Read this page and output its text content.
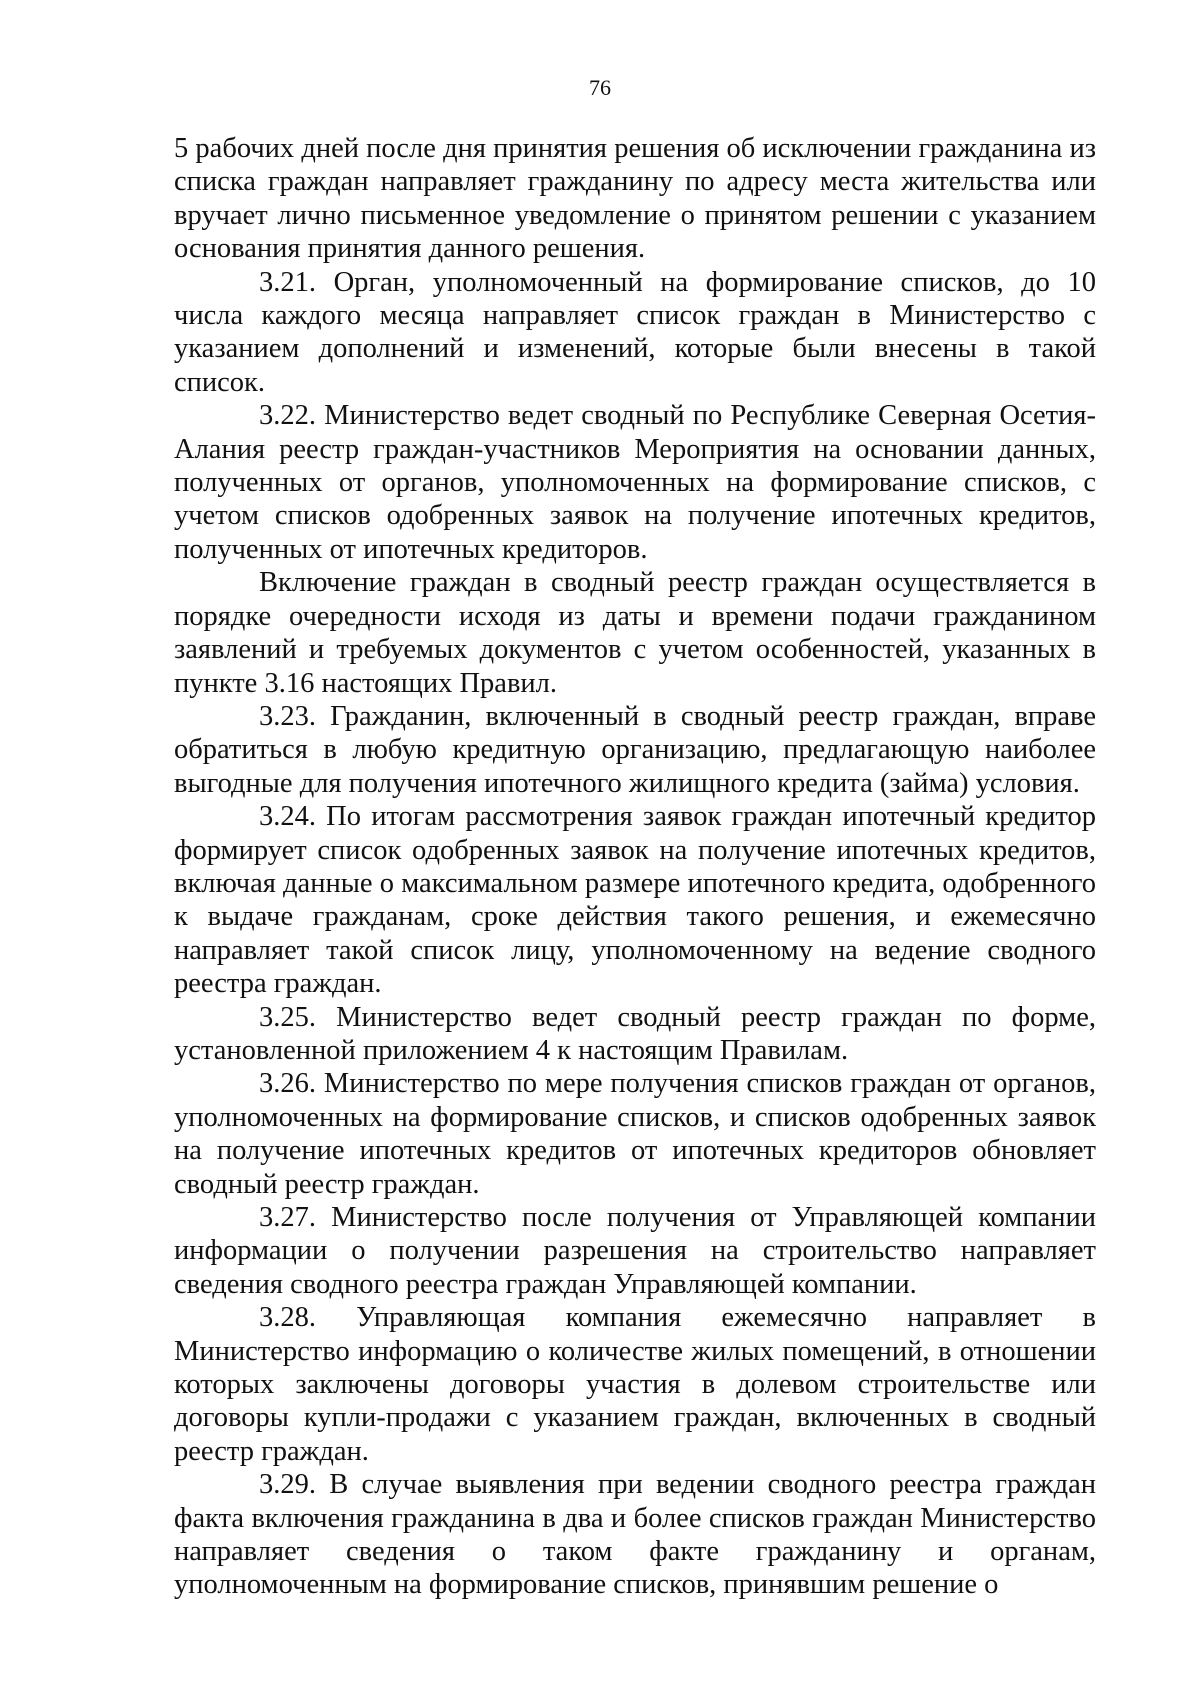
76

5 рабочих дней после дня принятия решения об исключении гражданина из списка граждан направляет гражданину по адресу места жительства или вручает лично письменное уведомление о принятом решении с указанием основания принятия данного решения.

3.21. Орган, уполномоченный на формирование списков, до 10 числа каждого месяца направляет список граждан в Министерство с указанием дополнений и изменений, которые были внесены в такой список.

3.22. Министерство ведет сводный по Республике Северная Осетия-Алания реестр граждан-участников Мероприятия на основании данных, полученных от органов, уполномоченных на формирование списков, с учетом списков одобренных заявок на получение ипотечных кредитов, полученных от ипотечных кредиторов.

Включение граждан в сводный реестр граждан осуществляется в порядке очередности исходя из даты и времени подачи гражданином заявлений и требуемых документов с учетом особенностей, указанных в пункте 3.16 настоящих Правил.

3.23. Гражданин, включенный в сводный реестр граждан, вправе обратиться в любую кредитную организацию, предлагающую наиболее выгодные для получения ипотечного жилищного кредита (займа) условия.

3.24. По итогам рассмотрения заявок граждан ипотечный кредитор формирует список одобренных заявок на получение ипотечных кредитов, включая данные о максимальном размере ипотечного кредита, одобренного к выдаче гражданам, сроке действия такого решения, и ежемесячно направляет такой список лицу, уполномоченному на ведение сводного реестра граждан.

3.25. Министерство ведет сводный реестр граждан по форме, установленной приложением 4 к настоящим Правилам.

3.26. Министерство по мере получения списков граждан от органов, уполномоченных на формирование списков, и списков одобренных заявок на получение ипотечных кредитов от ипотечных кредиторов обновляет сводный реестр граждан.

3.27. Министерство после получения от Управляющей компании информации о получении разрешения на строительство направляет сведения сводного реестра граждан Управляющей компании.

3.28. Управляющая компания ежемесячно направляет в Министерство информацию о количестве жилых помещений, в отношении которых заключены договоры участия в долевом строительстве или договоры купли-продажи с указанием граждан, включенных в сводный реестр граждан.

3.29. В случае выявления при ведении сводного реестра граждан факта включения гражданина в два и более списков граждан Министерство направляет сведения о таком факте гражданину и органам, уполномоченным на формирование списков, принявшим решение о
